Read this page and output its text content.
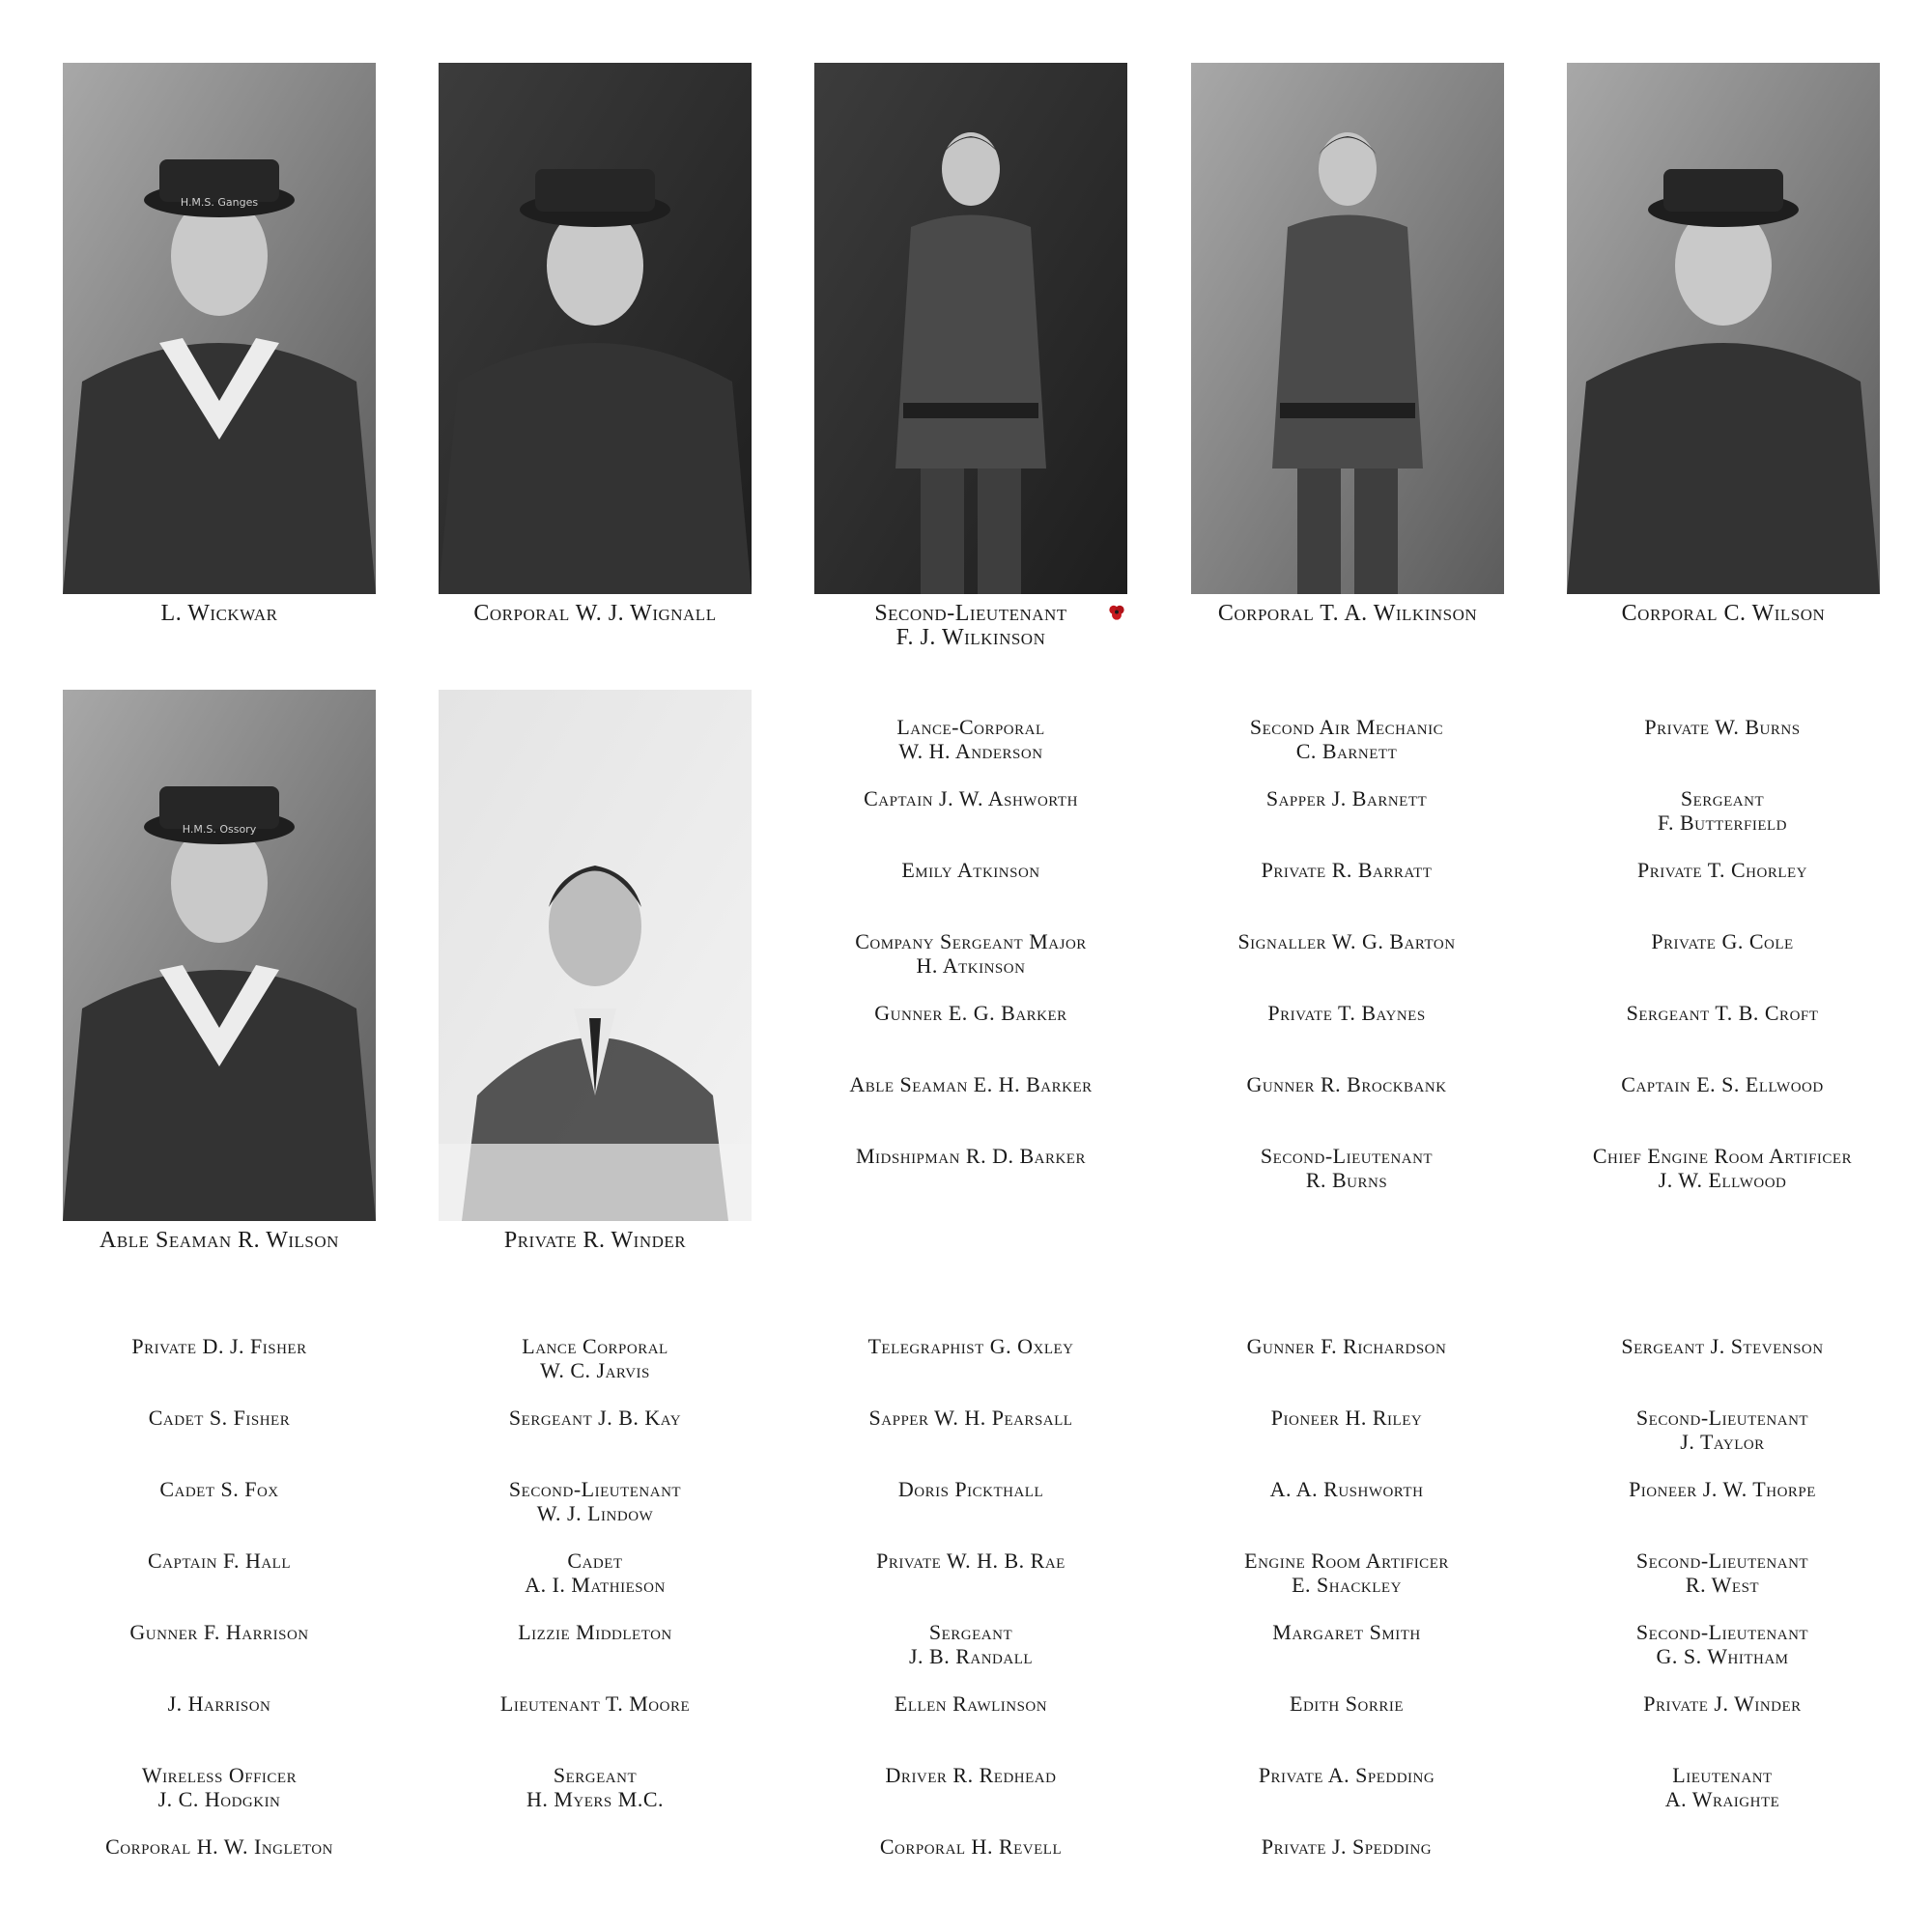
H.M.S. Ganges
L. Wickwar	Corporal W. J. Wignall	Second-Lieutenant
F. J. Wilkinson
Corporal T. A. Wilkinson	Corporal C. Wilson
H.M.S. Ossory
Able Seaman R. Wilson	Private R. Winder
Lance-Corporal
W. H. Anderson
Captain J. W. Ashworth
Emily Atkinson
Company Sergeant Major
H. Atkinson
Gunner E. G. Barker
Able Seaman E. H. Barker
Midshipman R. D. Barker
Second Air Mechanic
C. Barnett
Sapper J. Barnett
Private R. Barratt
Signaller W. G. Barton
Private T. Baynes
Gunner R. Brockbank
Second-Lieutenant
R. Burns
Private W. Burns
Sergeant
F. Butterfield
Private T. Chorley
Private G. Cole
Sergeant T. B. Croft
Captain E. S. Ellwood
Chief Engine Room Artificer
J. W. Ellwood
Private D. J. Fisher
Cadet S. Fisher
Cadet S. Fox
Captain F. Hall
Gunner F. Harrison
J. Harrison
Wireless Officer
J. C. Hodgkin
Corporal H. W. Ingleton
Lance Corporal
W. C. Jarvis
Sergeant J. B. Kay
Second-Lieutenant
W. J. Lindow
Cadet
A. I. Mathieson
Lizzie Middleton
Lieutenant T. Moore
Sergeant
H. Myers M.C.
Telegraphist G. Oxley
Sapper W. H. Pearsall
Doris Pickthall
Private W. H. B. Rae
Sergeant
J. B. Randall
Ellen Rawlinson
Driver R. Redhead
Corporal H. Revell
Gunner F. Richardson
Pioneer H. Riley
A. A. Rushworth
Engine Room Artificer
E. Shackley
Margaret Smith
Edith Sorrie
Private A. Spedding
Private J. Spedding
Sergeant J. Stevenson
Second-Lieutenant
J. Taylor
Pioneer J. W. Thorpe
Second-Lieutenant
R. West
Second-Lieutenant
G. S. Whitham
Private J. Winder
Lieutenant
A. Wraighte
